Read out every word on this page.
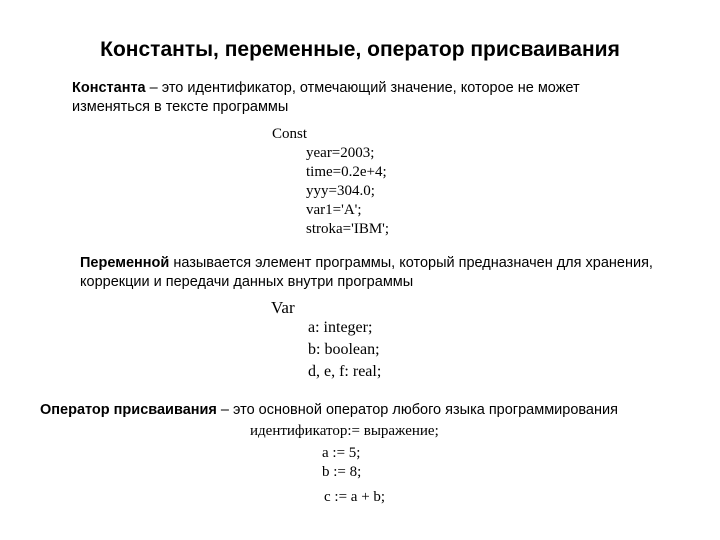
Константы, переменные, оператор присваивания
Константа – это идентификатор, отмечающий значение, которое не может изменяться в тексте программы
Const
year=2003;
time=0.2e+4;
yyy=304.0;
var1='A';
stroka='IBM';
Переменной называется элемент программы, который предназначен для хранения, коррекции и передачи данных внутри программы
Var
a: integer;
b: boolean;
d, e, f: real;
Оператор присваивания – это основной оператор любого языка программирования
идентификатор:= выражение;
a := 5;
b := 8;
c := a + b;
